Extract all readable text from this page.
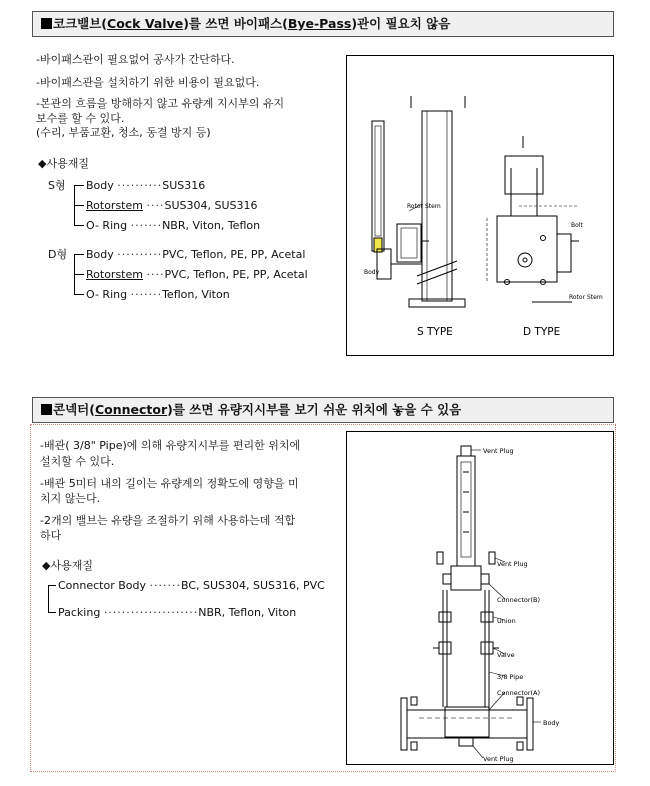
코크밸브(Cock Valve)를 쓰면 바이패스(Bye-Pass)관이 필요치 않음
-바이패스관이 필요없어 공사가 간단하다.
-바이패스관을 설치하기 위한 비용이 필요없다.
-본관의 흐름을 방해하지 않고 유량계 지시부의 유지
보수를 할 수 있다.
(수리, 부품교환, 청소, 동결 방지 등)
◆사용재질
S형 Body ··········SUS316
Rotorstem ····SUS304, SUS316
O- Ring ·······NBR, Viton, Teflon
D형 Body ··········PVC, Teflon, PE, PP, Acetal
Rotorstem ····PVC, Teflon, PE, PP, Acetal
O- Ring ·······Teflon, Viton
Rotor Stem
Body
Bolt
Rotor Stem
S TYPE	D TYPE
콘넥터(Connector)를 쓰면 유량지시부를 보기 쉬운 위치에 놓을 수 있음
-배관( 3/8" Pipe)에 의해 유량지시부를 편리한 위치에
설치할 수 있다.
-배관 5미터 내의 길이는 유량계의 정확도에 영향을 미
치지 않는다.
-2개의 밸브는 유량을 조절하기 위해 사용하는데 적합
하다
◆사용재질
Connector Body ·······BC, SUS304, SUS316, PVC
Packing ·····················NBR, Teflon, Viton
Vent Plug
Vent Plug
Connector(B)
Union
Valve
3/8 Pipe
Connector(A)
Body
Vent Plug
